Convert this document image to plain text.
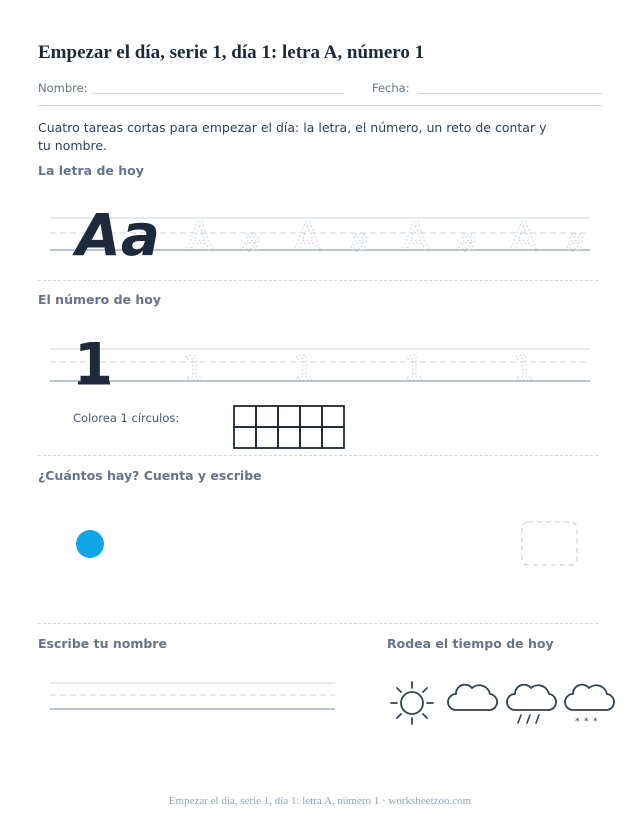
Empezar el día, serie 1, día 1: letra A, número 1
Nombre:	Fecha:
Cuatro tareas cortas para empezar el día: la letra, el número, un reto de contar y tu nombre.
La letra de hoy
Aa A a A a A a A a
El número de hoy
1 1	1	1	1
Colorea 1 círculos:
¿Cuántos hay? Cuenta y escribe
Escribe tu nombre	Rodea el tiempo de hoy
* * *
Empezar el día, serie 1, día 1: letra A, número 1 · worksheetzoo.com
